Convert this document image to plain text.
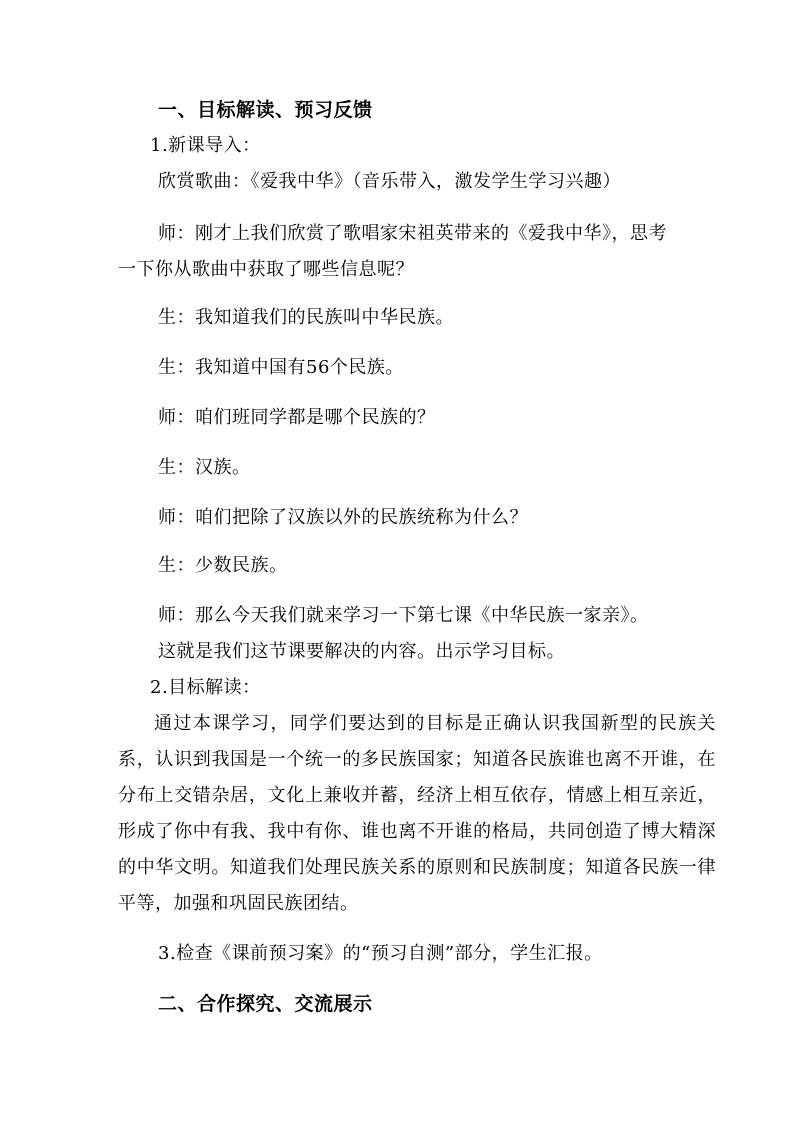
一、目标解读、预习反馈
1.新课导入：
欣赏歌曲：《爱我中华》（音乐带入，激发学生学习兴趣）
师：刚才上我们欣赏了歌唱家宋祖英带来的《爱我中华》，思考
一下你从歌曲中获取了哪些信息呢？
生：我知道我们的民族叫中华民族。
生：我知道中国有56个民族。
师：咱们班同学都是哪个民族的？
生：汉族。
师：咱们把除了汉族以外的民族统称为什么？
生：少数民族。
师：那么今天我们就来学习一下第七课《中华民族一家亲》。
这就是我们这节课要解决的内容。出示学习目标。
2.目标解读：
通过本课学习，同学们要达到的目标是正确认识我国新型的民族关系，认识到我国是一个统一的多民族国家；知道各民族谁也离不开谁，在分布上交错杂居，文化上兼收并蓄，经济上相互依存，情感上相互亲近，形成了你中有我、我中有你、谁也离不开谁的格局，共同创造了博大精深的中华文明。知道我们处理民族关系的原则和民族制度；知道各民族一律平等，加强和巩固民族团结。
3.检查《课前预习案》的“预习自测”部分，学生汇报。
二、合作探究、交流展示
